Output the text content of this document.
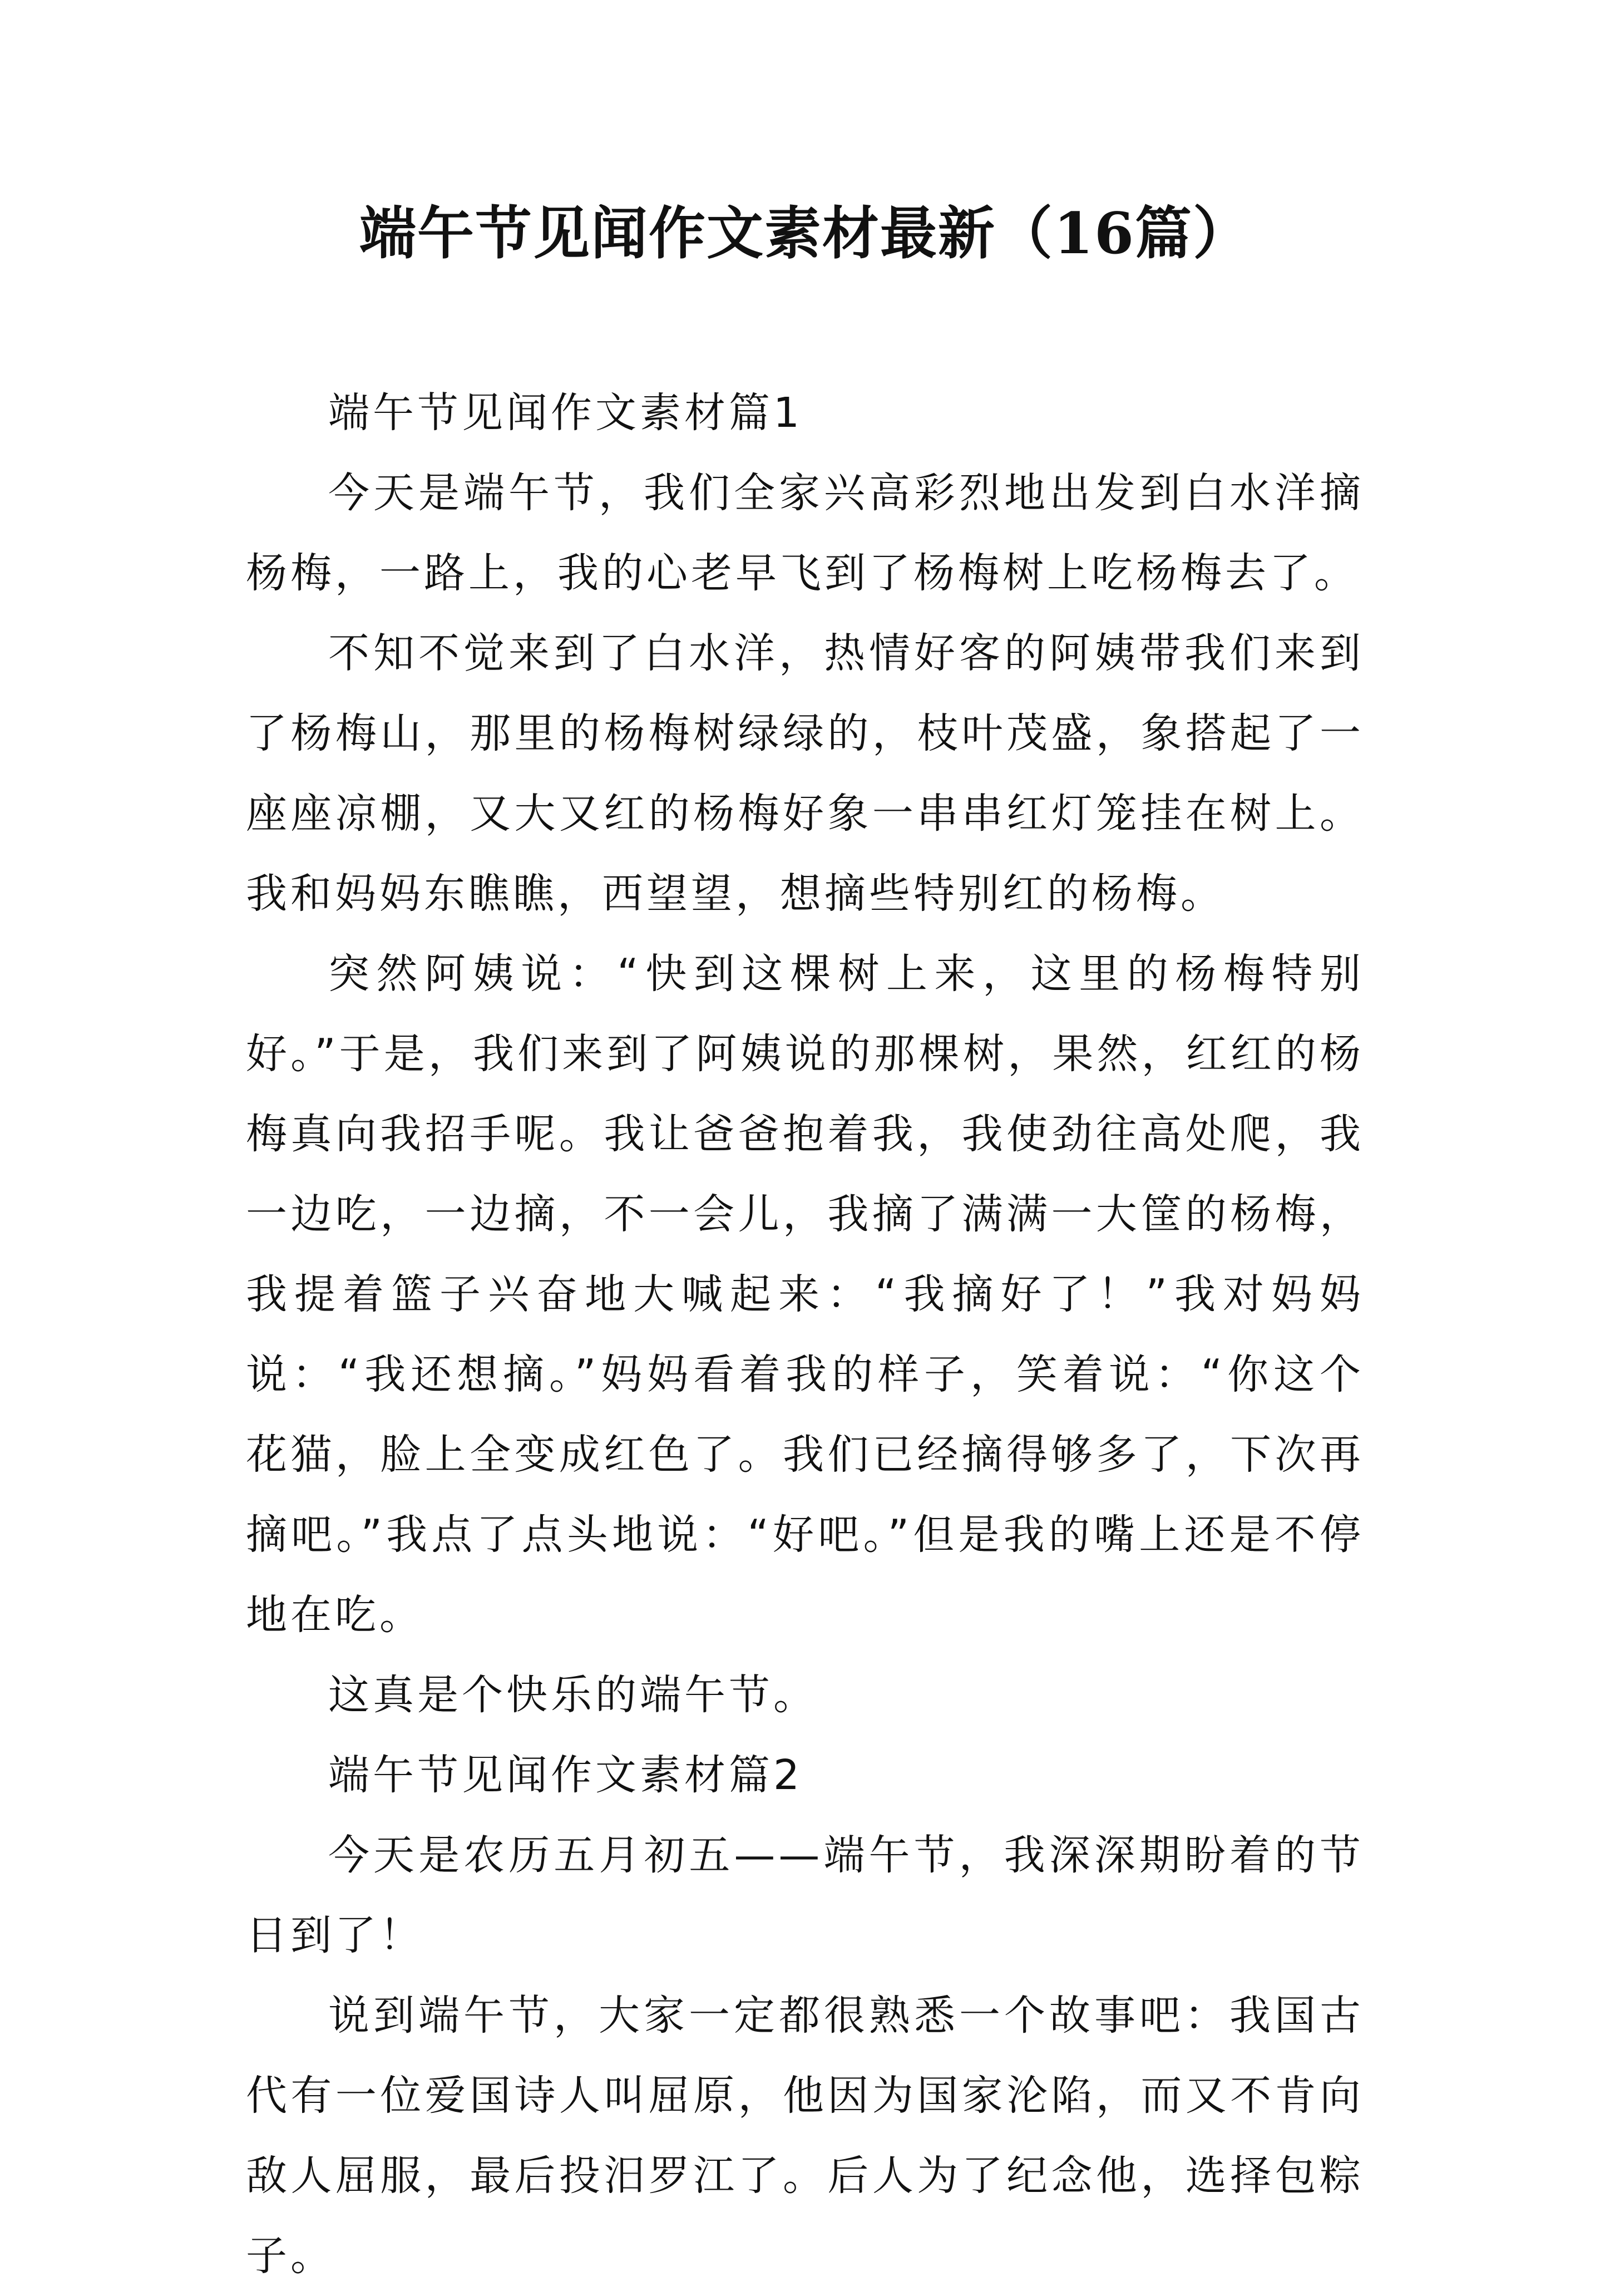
端午节见闻作文素材最新（16篇）

端午节见闻作文素材篇1

今天是端午节，我们全家兴高彩烈地出发到白水洋摘杨梅，一路上，我的心老早飞到了杨梅树上吃杨梅去了。

不知不觉来到了白水洋，热情好客的阿姨带我们来到了杨梅山，那里的杨梅树绿绿的，枝叶茂盛，象搭起了一座座凉棚，又大又红的杨梅好象一串串红灯笼挂在树上。我和妈妈东瞧瞧，西望望，想摘些特别红的杨梅。

突然阿姨说：“快到这棵树上来，这里的杨梅特别好。”于是，我们来到了阿姨说的那棵树，果然，红红的杨梅真向我招手呢。我让爸爸抱着我，我使劲往高处爬，我一边吃，一边摘，不一会儿，我摘了满满一大筐的杨梅，我提着篮子兴奋地大喊起来：“我摘好了！”我对妈妈说：“我还想摘。”妈妈看着我的样子，笑着说：“你这个花猫，脸上全变成红色了。我们已经摘得够多了，下次再摘吧。”我点了点头地说：“好吧。”但是我的嘴上还是不停地在吃。

这真是个快乐的端午节。

端午节见闻作文素材篇2

今天是农历五月初五——端午节，我深深期盼着的节日到了！

说到端午节，大家一定都很熟悉一个故事吧：我国古代有一位爱国诗人叫屈原，他因为国家沦陷，而又不肯向敌人屈服，最后投汨罗江了。后人为了纪念他，选择包粽子。
